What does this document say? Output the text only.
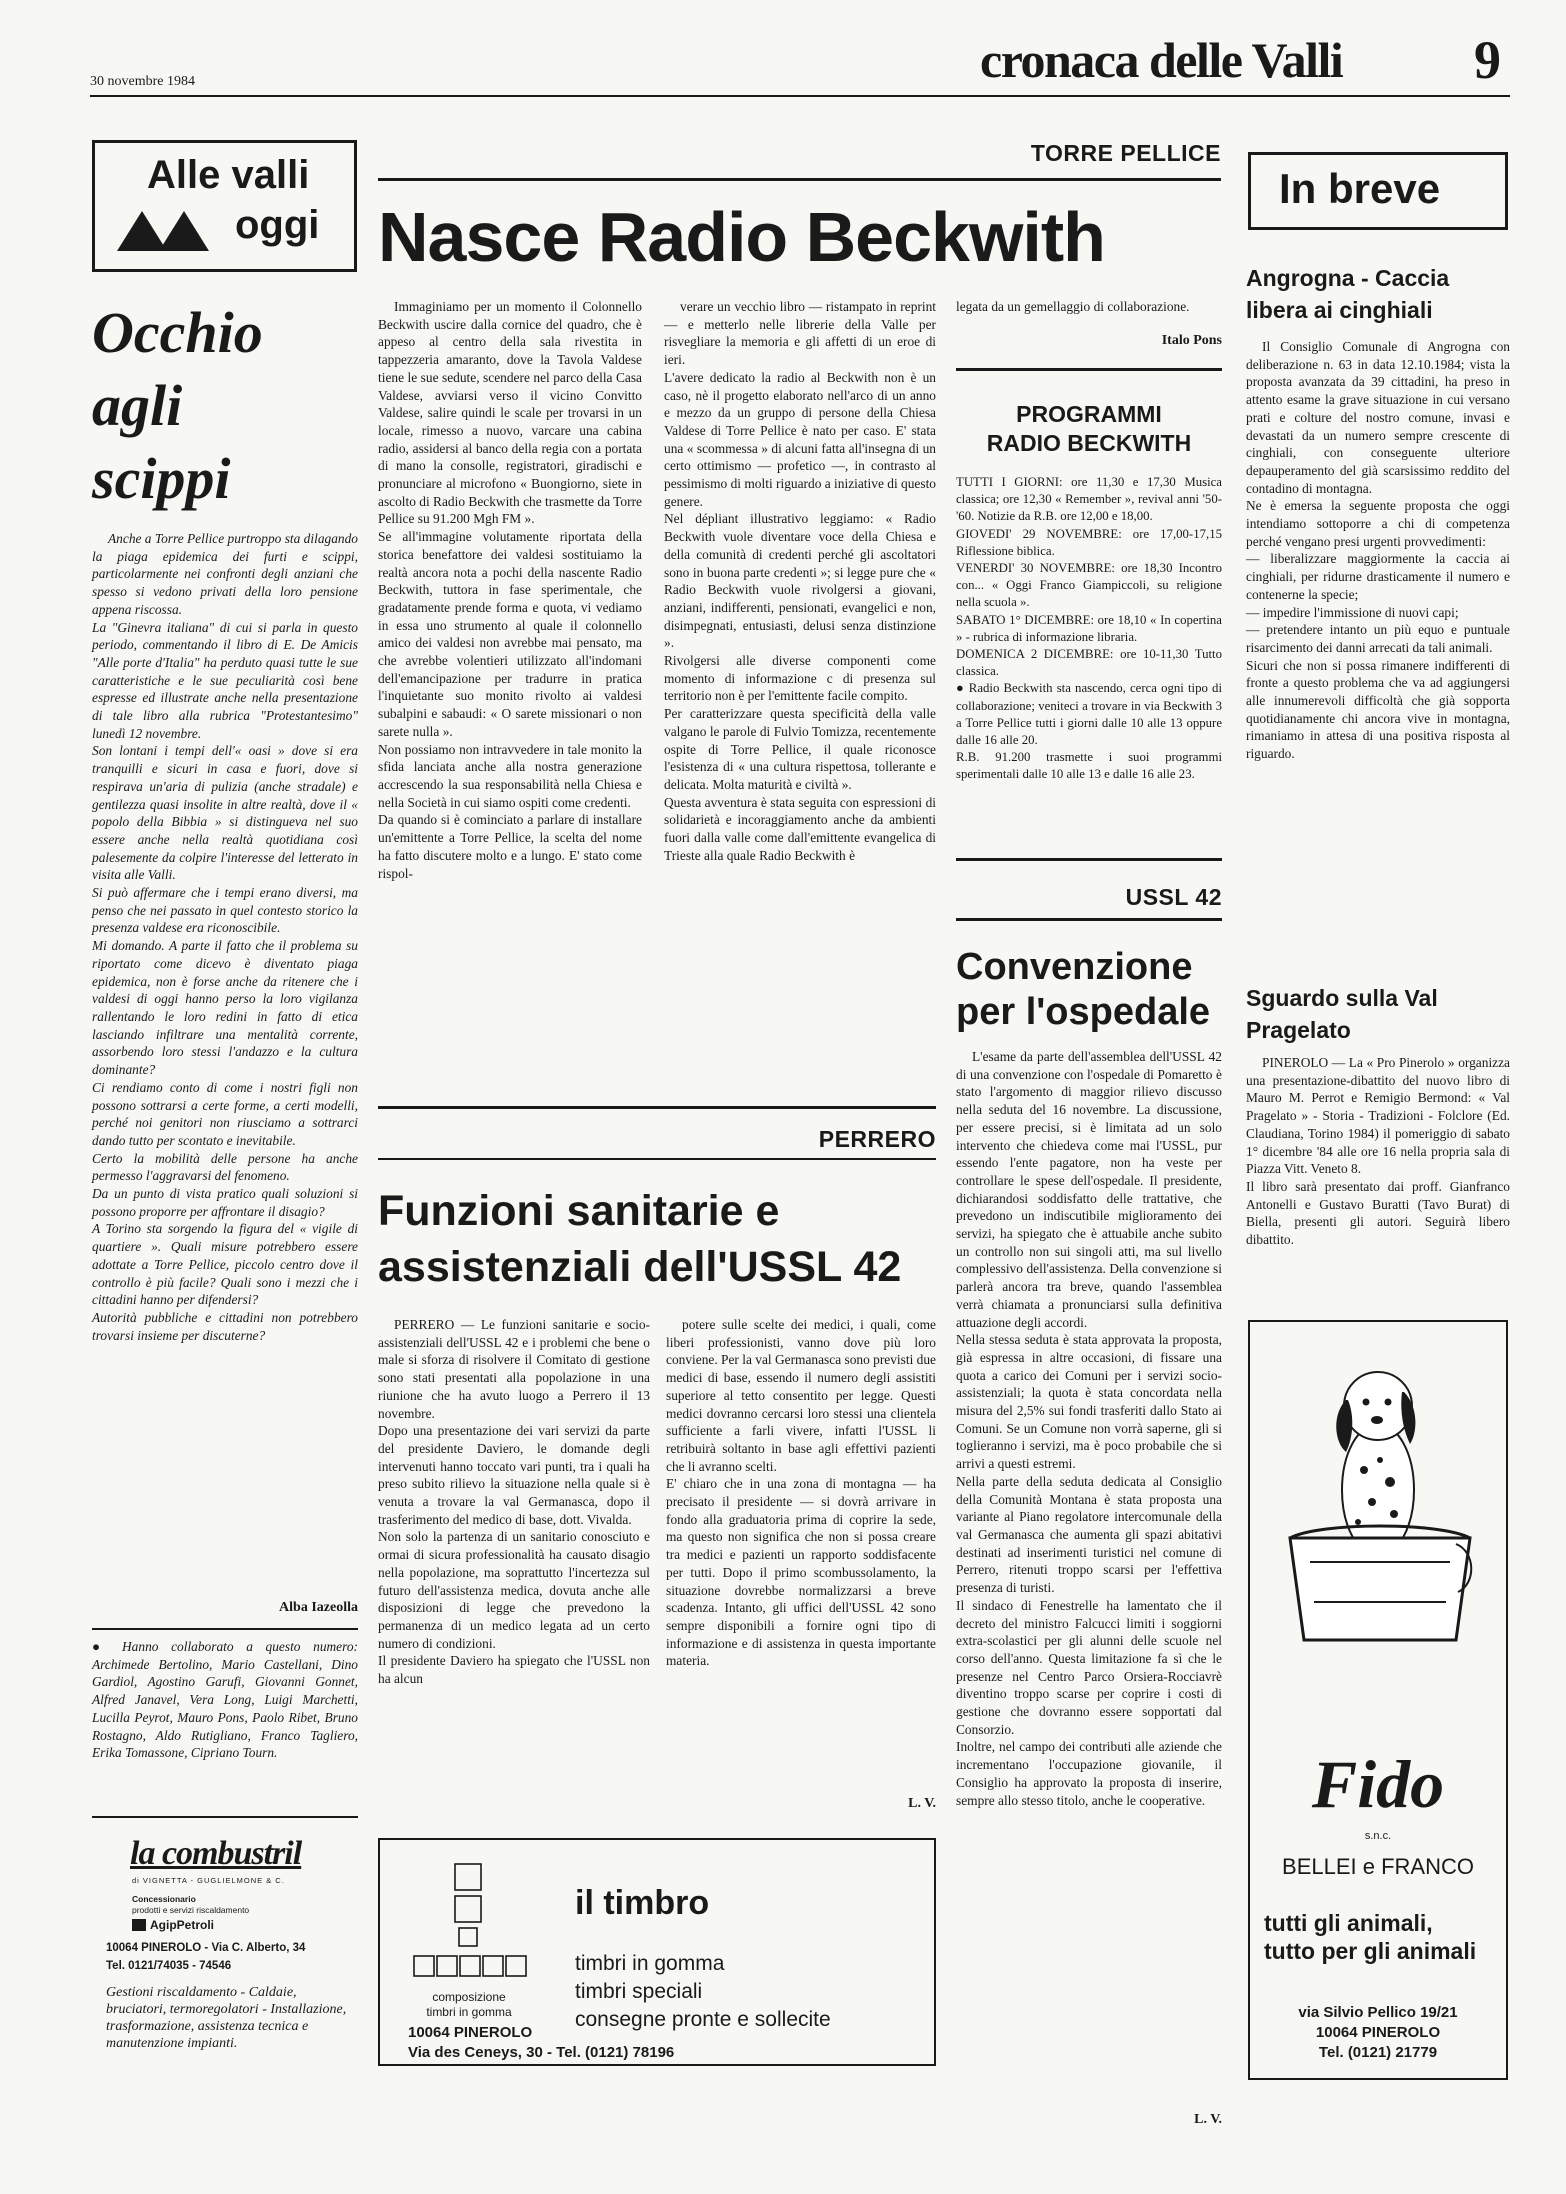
30 novembre 1984	cronaca delle Valli 9
Alle valli
oggi
Occhio
agli
scippi
Anche a Torre Pellice purtroppo sta dilagando la piaga epidemica dei furti e scippi, particolarmente nei confronti degli anziani che spesso si vedono privati della loro pensione appena riscossa.
La "Ginevra italiana" di cui si parla in questo periodo, commentando il libro di E. De Amicis "Alle porte d'Italia" ha perduto quasi tutte le sue caratteristiche e le sue peculiarità così bene espresse ed illustrate anche nella presentazione di tale libro alla rubrica "Protestantesimo" lunedì 12 novembre.
Son lontani i tempi dell'« oasi » dove si era tranquilli e sicuri in casa e fuori, dove si respirava un'aria di pulizia (anche stradale) e gentilezza quasi insolite in altre realtà, dove il « popolo della Bibbia » si distingueva nel suo essere anche nella realtà quotidiana così palesemente da colpire l'interesse del letterato in visita alle Valli.
Si può affermare che i tempi erano diversi, ma penso che nei passato in quel contesto storico la presenza valdese era riconoscibile.
Mi domando. A parte il fatto che il problema su riportato come dicevo è diventato piaga epidemica, non è forse anche da ritenere che i valdesi di oggi hanno perso la loro vigilanza rallentando le loro redini in fatto di etica lasciando infiltrare una mentalità corrente, assorbendo loro stessi l'andazzo e la cultura dominante?
Ci rendiamo conto di come i nostri figli non possono sottrarsi a certe forme, a certi modelli, perché noi genitori non riusciamo a sottrarci dando tutto per scontato e inevitabile.
Certo la mobilità delle persone ha anche permesso l'aggravarsi del fenomeno.
Da un punto di vista pratico quali soluzioni si possono proporre per affrontare il disagio?
A Torino sta sorgendo la figura del « vigile di quartiere ». Quali misure potrebbero essere adottate a Torre Pellice, piccolo centro dove il controllo è più facile? Quali sono i mezzi che i cittadini hanno per difendersi?
Autorità pubbliche e cittadini non potrebbero trovarsi insieme per discuterne?
Alba Iazeolla
● Hanno collaborato a questo numero: Archimede Bertolino, Mario Castellani, Dino Gardiol, Agostino Garufi, Giovanni Gonnet, Alfred Janavel, Vera Long, Luigi Marchetti, Lucilla Peyrot, Mauro Pons, Paolo Ribet, Bruno Rostagno, Aldo Rutigliano, Franco Tagliero, Erika Tomassone, Cipriano Tourn.
TORRE PELLICE
Nasce Radio Beckwith
Immaginiamo per un momento il Colonnello Beckwith uscire dalla cornice del quadro, che è appeso al centro della sala rivestita in tappezzeria amaranto, dove la Tavola Valdese tiene le sue sedute, scendere nel parco della Casa Valdese, avviarsi verso il vicino Convitto Valdese, salire quindi le scale per trovarsi in un locale, rimesso a nuovo, varcare una cabina radio, assidersi al banco della regia con a portata di mano la consolle, registratori, giradischi e pronunciare al microfono « Buongiorno, siete in ascolto di Radio Beckwith che trasmette da Torre Pellice su 91.200 Mgh FM ».
Se all'immagine volutamente riportata della storica benefattore dei valdesi sostituiamo la realtà ancora nota a pochi della nascente Radio Beckwith, tuttora in fase sperimentale, che gradatamente prende forma e quota, vi vediamo in essa uno strumento al quale il colonnello amico dei valdesi non avrebbe mai pensato, ma che avrebbe volentieri utilizzato all'indomani dell'emancipazione per tradurre in pratica l'inquietante suo monito rivolto ai valdesi subalpini e sabaudi: « O sarete missionari o non sarete nulla ».
Non possiamo non intravvedere in tale monito la sfida lanciata anche alla nostra generazione accrescendo la sua responsabilità nella Chiesa e nella Società in cui siamo ospiti come credenti.
Da quando si è cominciato a parlare di installare un'emittente a Torre Pellice, la scelta del nome ha fatto discutere molto e a lungo. E' stato come rispol-
verare un vecchio libro — ristampato in reprint — e metterlo nelle librerie della Valle per risvegliare la memoria e gli affetti di un eroe di ieri.
L'avere dedicato la radio al Beckwith non è un caso, nè il progetto elaborato nell'arco di un anno e mezzo da un gruppo di persone della Chiesa Valdese di Torre Pellice è nato per caso. E' stata una « scommessa » di alcuni fatta all'insegna di un certo ottimismo — profetico —, in contrasto al pessimismo di molti riguardo a iniziative di questo genere.
Nel dépliant illustrativo leggiamo: « Radio Beckwith vuole diventare voce della Chiesa e della comunità di credenti perché gli ascoltatori sono in buona parte credenti »; si legge pure che « Radio Beckwith vuole rivolgersi a giovani, anziani, indifferenti, pensionati, evangelici e non, disimpegnati, entusiasti, delusi senza distinzione ».
Rivolgersi alle diverse componenti come momento di informazione c di presenza sul territorio non è per l'emittente facile compito.
Per caratterizzare questa specificità della valle valgano le parole di Fulvio Tomizza, recentemente ospite di Torre Pellice, il quale riconosce l'esistenza di « una cultura rispettosa, tollerante e delicata. Molta maturità e civiltà ».
Questa avventura è stata seguita con espressioni di solidarietà e incoraggiamento anche da ambienti fuori dalla valle come dall'emittente evangelica di Trieste alla quale Radio Beckwith è
legata da un gemellaggio di collaborazione.
Italo Pons
PROGRAMMI
RADIO BECKWITH
TUTTI I GIORNI: ore 11,30 e 17,30 Musica classica; ore 12,30 « Remember », revival anni '50-'60. Notizie da R.B. ore 12,00 e 18,00.
GIOVEDI' 29 NOVEMBRE: ore 17,00-17,15 Riflessione biblica.
VENERDI' 30 NOVEMBRE: ore 18,30 Incontro con... « Oggi Franco Giampiccoli, su religione nella scuola ».
SABATO 1° DICEMBRE: ore 18,10 « In copertina » - rubrica di informazione libraria.
DOMENICA 2 DICEMBRE: ore 10-11,30 Tutto classica.
● Radio Beckwith sta nascendo, cerca ogni tipo di collaborazione; veniteci a trovare in via Beckwith 3 a Torre Pellice tutti i giorni dalle 10 alle 13 oppure dalle 16 alle 20.
R.B. 91.200 trasmette i suoi programmi sperimentali dalle 10 alle 13 e dalle 16 alle 23.
USSL 42
Convenzione
per l'ospedale
L'esame da parte dell'assemblea dell'USSL 42 di una convenzione con l'ospedale di Pomaretto è stato l'argomento di maggior rilievo discusso nella seduta del 16 novembre. La discussione, per essere precisi, si è limitata ad un solo intervento che chiedeva come mai l'USSL, pur essendo l'ente pagatore, non ha veste per controllare le spese dell'ospedale. Il presidente, dichiarandosi soddisfatto delle trattative, che prevedono un indiscutibile miglioramento dei servizi, ha spiegato che è attuabile anche subito un controllo non sui singoli atti, ma sul livello complessivo dell'assistenza. Della convenzione si parlerà ancora tra breve, quando l'assemblea verrà chiamata a pronunciarsi sulla definitiva attuazione degli accordi.
Nella stessa seduta è stata approvata la proposta, già espressa in altre occasioni, di fissare una quota a carico dei Comuni per i servizi socio-assistenziali; la quota è stata concordata nella misura del 2,5% sui fondi trasferiti dallo Stato ai Comuni. Se un Comune non vorrà saperne, gli si toglieranno i servizi, ma è poco probabile che si arrivi a questi estremi.
Nella parte della seduta dedicata al Consiglio della Comunità Montana è stata proposta una variante al Piano regolatore intercomunale della val Germanasca che aumenta gli spazi abitativi destinati ad inserimenti turistici nel comune di Perrero, ritenuti troppo scarsi per l'effettiva presenza di turisti.
Il sindaco di Fenestrelle ha lamentato che il decreto del ministro Falcucci limiti i soggiorni extra-scolastici per gli alunni delle scuole nel corso dell'anno. Questa limitazione fa sì che le presenze nel Centro Parco Orsiera-Rocciavrè diventino troppo scarse per coprire i costi di gestione che dovranno essere sopportati dal Consorzio.
Inoltre, nel campo dei contributi alle aziende che incrementano l'occupazione giovanile, il Consiglio ha approvato la proposta di inserire, sempre allo stesso titolo, anche le cooperative.
L. V.
PERRERO
Funzioni sanitarie e
assistenziali dell'USSL 42
PERRERO — Le funzioni sanitarie e socio-assistenziali dell'USSL 42 e i problemi che bene o male si sforza di risolvere il Comitato di gestione sono stati presentati alla popolazione in una riunione che ha avuto luogo a Perrero il 13 novembre.
Dopo una presentazione dei vari servizi da parte del presidente Daviero, le domande degli intervenuti hanno toccato vari punti, tra i quali ha preso subito rilievo la situazione nella quale si è venuta a trovare la val Germanasca, dopo il trasferimento del medico di base, dott. Vivalda.
Non solo la partenza di un sanitario conosciuto e ormai di sicura professionalità ha causato disagio nella popolazione, ma soprattutto l'incertezza sul futuro dell'assistenza medica, dovuta anche alle disposizioni di legge che prevedono la permanenza di un medico legata ad un certo numero di condizioni.
Il presidente Daviero ha spiegato che l'USSL non ha alcun
potere sulle scelte dei medici, i quali, come liberi professionisti, vanno dove più loro conviene. Per la val Germanasca sono previsti due medici di base, essendo il numero degli assistiti superiore al tetto consentito per legge. Questi medici dovranno cercarsi loro stessi una clientela sufficiente a farli vivere, infatti l'USSL li retribuirà soltanto in base agli effettivi pazienti che li avranno scelti.
E' chiaro che in una zona di montagna — ha precisato il presidente — si dovrà arrivare in fondo alla graduatoria prima di coprire la sede, ma questo non significa che non si possa creare tra medici e pazienti un rapporto soddisfacente per tutti. Dopo il primo scombussolamento, la situazione dovrebbe normalizzarsi a breve scadenza. Intanto, gli uffici dell'USSL 42 sono sempre disponibili a fornire ogni tipo di informazione e di assistenza in questa importante materia.
L. V.
In breve
Angrogna - Caccia libera ai cinghiali
Il Consiglio Comunale di Angrogna con deliberazione n. 63 in data 12.10.1984; vista la proposta avanzata da 39 cittadini, ha preso in attento esame la grave situazione in cui versano prati e colture del nostro comune, invasi e devastati da un numero sempre crescente di cinghiali, con conseguente ulteriore depauperamento del già scarsissimo reddito del contadino di montagna.
Ne è emersa la seguente proposta che oggi intendiamo sottoporre a chi di competenza perché vengano presi urgenti provvedimenti:
— liberalizzare maggiormente la caccia ai cinghiali, per ridurne drasticamente il numero e contenerne la specie;
— impedire l'immissione di nuovi capi;
— pretendere intanto un più equo e puntuale risarcimento dei danni arrecati da tali animali.
Sicuri che non si possa rimanere indifferenti di fronte a questo problema che va ad aggiungersi alle innumerevoli difficoltà che già sopporta quotidianamente chi ancora vive in montagna, rimaniamo in attesa di una positiva risposta al riguardo.
Sguardo sulla Val Pragelato
PINEROLO — La « Pro Pinerolo » organizza una presentazione-dibattito del nuovo libro di Mauro M. Perrot e Remigio Bermond: « Val Pragelato » - Storia - Tradizioni - Folclore (Ed. Claudiana, Torino 1984) il pomeriggio di sabato 1° dicembre '84 alle ore 16 nella propria sala di Piazza Vitt. Veneto 8.
Il libro sarà presentato dai proff. Gianfranco Antonelli e Gustavo Buratti (Tavo Burat) di Biella, presenti gli autori. Seguirà libero dibattito.
la combustril
di VIGNETTA - GUGLIELMONE & C.
Concessionario
prodotti e servizi riscaldamento
AgipPetroli
10064 PINEROLO - Via C. Alberto, 34
Tel. 0121/74035 - 74546
Gestioni riscaldamento - Caldaie, bruciatori, termoregolatori - Installazione, trasformazione, assistenza tecnica e manutenzione impianti.
composizione
timbri in gomma
il timbro
timbri in gomma
timbri speciali
consegne pronte e sollecite
10064 PINEROLO
Via des Ceneys, 30 - Tel. (0121) 78196
Fido
s.n.c.
BELLEI e FRANCO
tutti gli animali,
tutto per gli animali
via Silvio Pellico 19/21
10064 PINEROLO
Tel. (0121) 21779
